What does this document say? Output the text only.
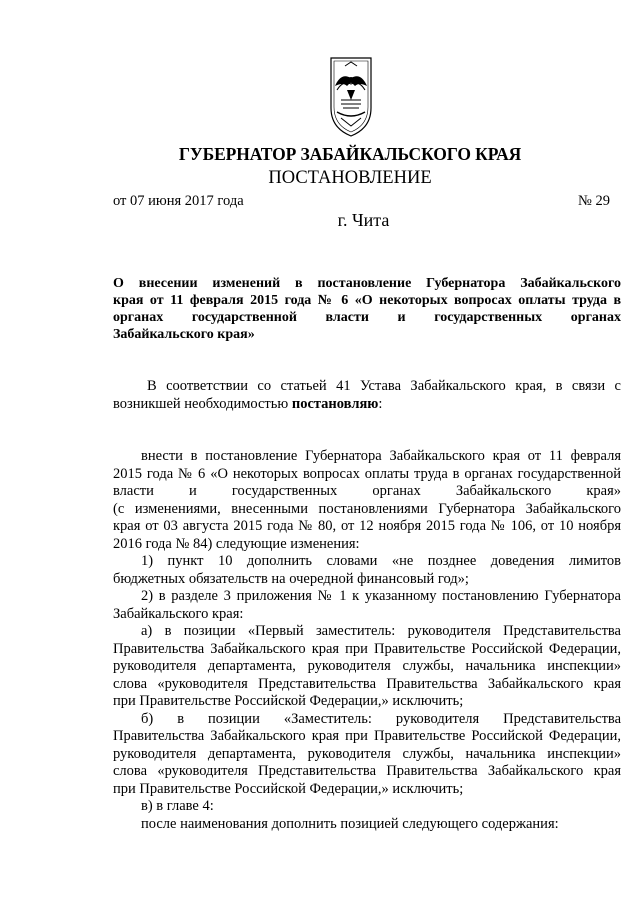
ГУБЕРНАТОР ЗАБАЙКАЛЬСКОГО КРАЯ
ПОСТАНОВЛЕНИЕ
от 07 июня 2017 года	№ 29
г. Чита
О внесении изменений в постановление Губернатора Забайкальского
края от 11 февраля 2015 года № 6 «О некоторых вопросах оплаты труда в
органах государственной власти и государственных органах
Забайкальского края»
В соответствии со статьей 41 Устава Забайкальского края, в связи с
возникшей необходимостью постановляю:
внести в постановление Губернатора Забайкальского края от 11 февраля
2015 года № 6 «О некоторых вопросах оплаты труда в органах государственной
власти и государственных органах Забайкальского края»
(с изменениями, внесенными постановлениями Губернатора Забайкальского
края от 03 августа 2015 года № 80, от 12 ноября 2015 года № 106, от 10 ноября
2016 года № 84) следующие изменения:
1) пункт 10 дополнить словами «не позднее доведения лимитов
бюджетных обязательств на очередной финансовый год»;
2) в разделе 3 приложения № 1 к указанному постановлению Губернатора
Забайкальского края:
а) в позиции «Первый заместитель: руководителя Представительства
Правительства Забайкальского края при Правительстве Российской Федерации,
руководителя департамента, руководителя службы, начальника инспекции»
слова «руководителя Представительства Правительства Забайкальского края
при Правительстве Российской Федерации,» исключить;
б) в позиции «Заместитель: руководителя Представительства
Правительства Забайкальского края при Правительстве Российской Федерации,
руководителя департамента, руководителя службы, начальника инспекции»
слова «руководителя Представительства Правительства Забайкальского края
при Правительстве Российской Федерации,» исключить;
в) в главе 4:
после наименования дополнить позицией следующего содержания:
